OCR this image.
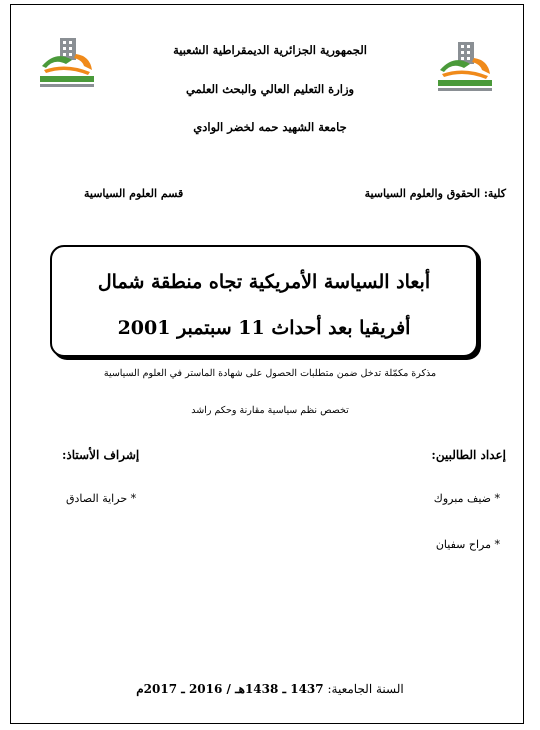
الجمهورية الجزائرية الديمقراطية الشعبية
وزارة التعليم العالي والبحث العلمي
جامعة الشهيد حمه لخضر الوادي
كلية: الحقوق والعلوم السياسية
قسم العلوم السياسية
أبعاد السياسة الأمريكية تجاه منطقة شمال
أفريقيا بعد أحداث 11 سبتمبر 2001
مذكرة مكمّلة تدخل ضمن متطلبات الحصول على شهادة الماستر في العلوم السياسية
تخصص نظم سياسية مقارنة وحكم راشد
إعداد الطالبين:
* ضيف مبروك
* مراح سفيان
إشراف الأستاذ:
* حراية الصادق
السنة الجامعية: 1437 ـ 1438هـ / 2016 ـ 2017م
